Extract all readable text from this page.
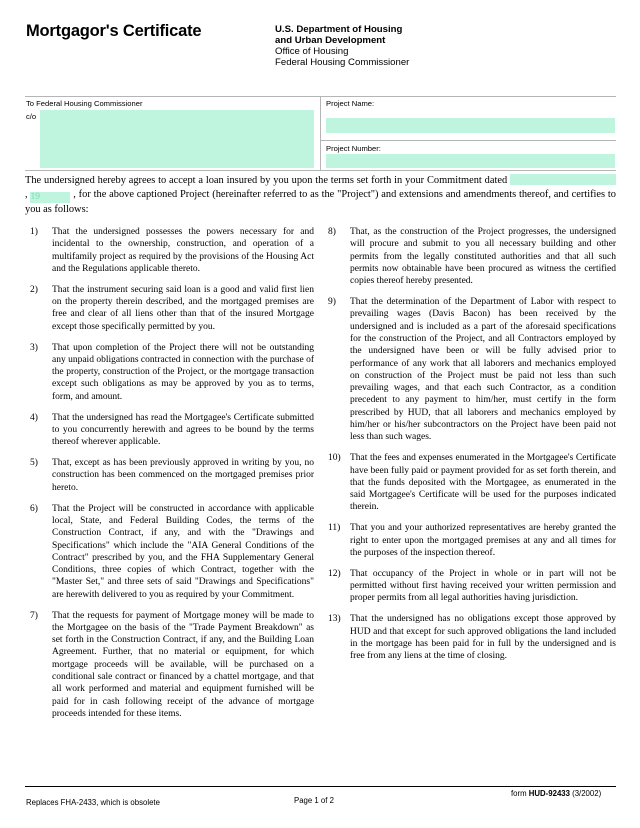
Mortgagor's Certificate	U.S. Department of Housing
and Urban Development
Office of Housing
Federal Housing Commissioner
To Federal Housing Commissioner
c/o
Project Name:
Project Number:
The undersigned hereby agrees to accept a loan insured by you upon the terms set forth in your Commitment dated  , 19	, for the above captioned Project (hereinafter referred to as the "Project") and extensions and amendments thereof, and certifies to you as follows:
1) That the undersigned possesses the powers necessary for and incidental to the ownership, construction, and operation of a multifamily project as required by the provisions of the Housing Act and the Regulations applicable thereto.
2) That the instrument securing said loan is a good and valid first lien on the property therein described, and the mortgaged premises are free and clear of all liens other than that of the insured Mortgage except those specifically permitted by you.
3) That upon completion of the Project there will not be outstanding any unpaid obligations contracted in connection with the purchase of the property, construction of the Project, or the mortgage transaction except such obligations as may be approved by you as to terms, form, and amount.
4) That the undersigned has read the Mortgagee's Certificate submitted to you concurrently herewith and agrees to be bound by the terms thereof wherever applicable.
5) That, except as has been previously approved in writing by you, no construction has been commenced on the mortgaged premises prior hereto.
6) That the Project will be constructed in accordance with applicable local, State, and Federal Building Codes, the terms of the Construction Contract, if any, and with the "Drawings and Specifications" which include the "AIA General Conditions of the Contract" prescribed by you, and the FHA Supplementary General Conditions, three copies of which Contract, together with the "Master Set," and three sets of said "Drawings and Specifications" are herewith delivered to you as required by your Commitment.
7) That the requests for payment of Mortgage money will be made to the Mortgagee on the basis of the "Trade Payment Breakdown" as set forth in the Construction Contract, if any, and the Building Loan Agreement. Further, that no material or equipment, for which mortgage proceeds will be available, will be purchased on a conditional sale contract or financed by a chattel mortgage, and that all work performed and material and equipment furnished will be paid for in cash following receipt of the advance of mortgage proceeds intended for these items.
8) That, as the construction of the Project progresses, the undersigned will procure and submit to you all necessary building and other permits from the legally constituted authorities and that all such permits now obtainable have been procured as witness the certified copies thereof hereby presented.
9) That the determination of the Department of Labor with respect to prevailing wages (Davis Bacon) has been received by the undersigned and is included as a part of the aforesaid specifications for the construction of the Project, and all Contractors employed by the undersigned have been or will be fully advised prior to performance of any work that all laborers and mechanics employed on construction of the Project must be paid not less than such prevailing wages, and that each such Contractor, as a condition precedent to any payment to him/her, must certify in the form prescribed by HUD, that all laborers and mechanics employed by him/her or his/her subcontractors on the Project have been paid not less than such wages.
10) That the fees and expenses enumerated in the Mortgagee's Certificate have been fully paid or payment provided for as set forth therein, and that the funds deposited with the Mortgagee, as enumerated in the said Mortgagee's Certificate will be used for the purposes indicated therein.
11) That you and your authorized representatives are hereby granted the right to enter upon the mortgaged premises at any and all times for the purposes of the inspection thereof.
12) That occupancy of the Project in whole or in part will not be permitted without first having received your written permission and proper permits from all legal authorities having jurisdiction.
13) That the undersigned has no obligations except those approved by HUD and that except for such approved obligations the land included in the mortgage has been paid for in full by the undersigned and is free from any liens at the time of closing.
form HUD-92433 (3/2002)
Replaces FHA-2433, which is obsolete	Page 1 of 2
